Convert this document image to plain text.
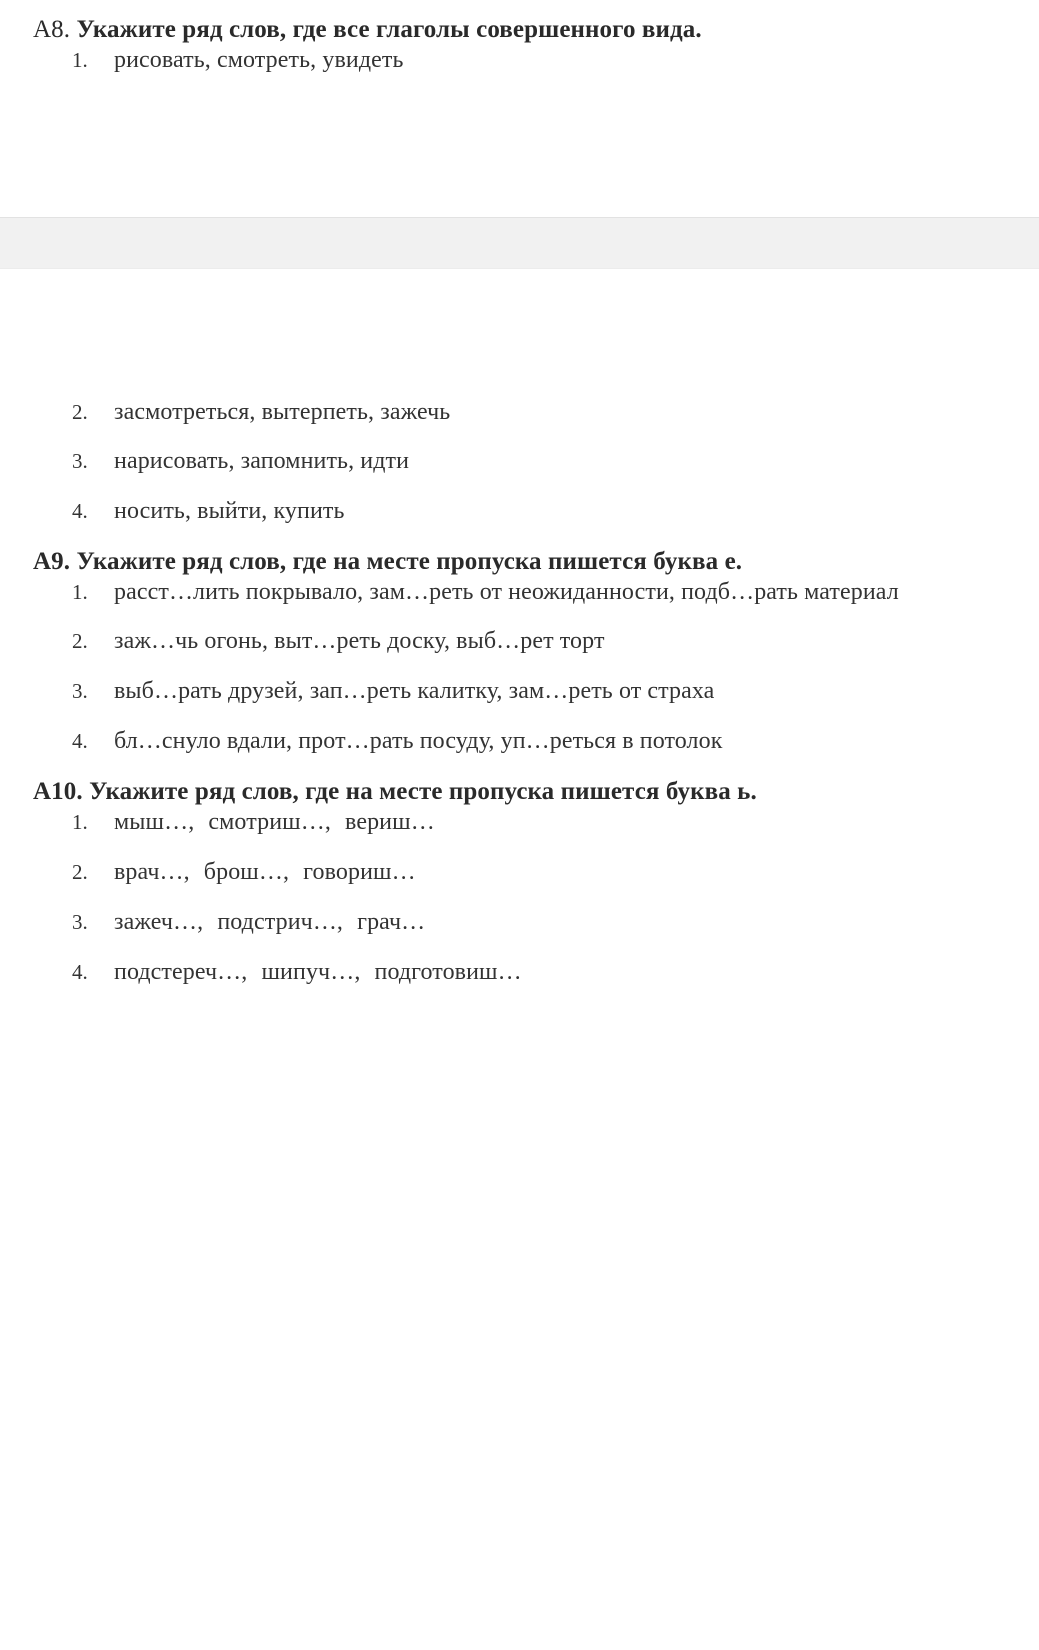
А8. Укажите ряд слов, где все глаголы совершенного вида.
1. рисовать, смотреть, увидеть
2. засмотреться, вытерпеть, зажечь
3. нарисовать, запомнить, идти
4. носить, выйти, купить
А9. Укажите ряд слов, где на месте пропуска пишется буква е.
1. расст…лить покрывало, зам…реть от неожиданности, подб…рать материал
2. заж…чь огонь, выт…реть доску, выб…рет торт
3. выб…рать друзей, зап…реть калитку, зам…реть от страха
4. бл…снуло вдали, прот…рать посуду, уп…реться в потолок
А10. Укажите ряд слов, где на месте пропуска пишется буква ь.
1. мыш…, смотриш…, вериш…
2. врач…, брош…, говориш…
3. зажеч…, подстрич…, грач…
4. подстереч…, шипуч…, подготовиш…
